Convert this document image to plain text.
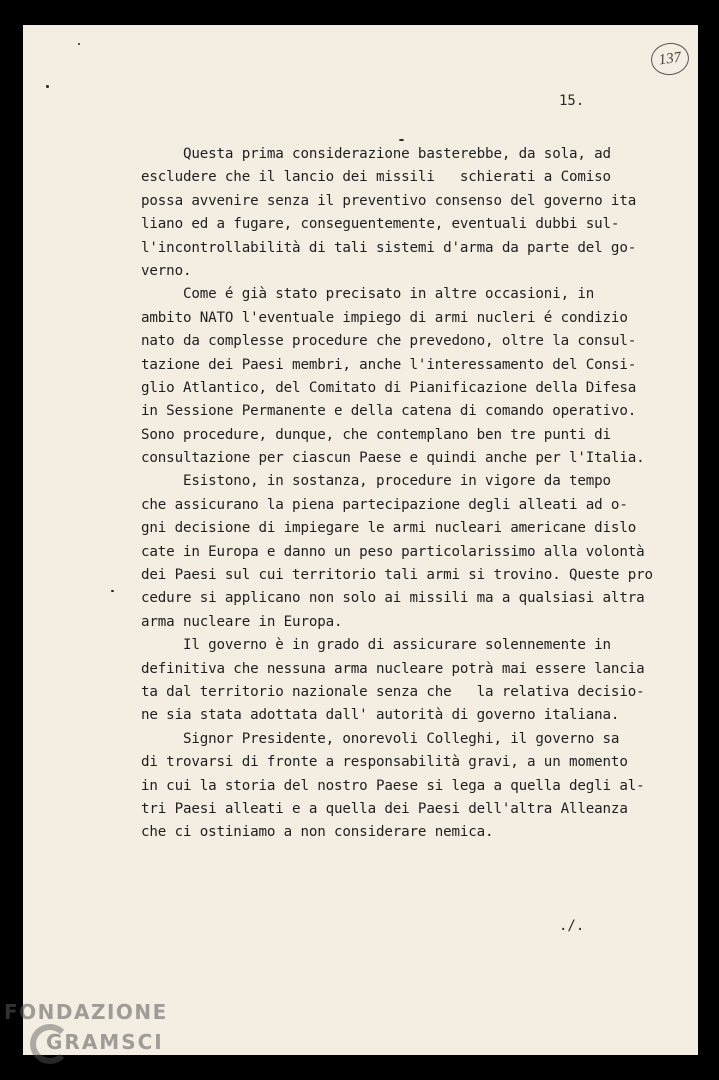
137
15.
Questa prima considerazione basterebbe, da sola, ad
escludere che il lancio dei missili   schierati a Comiso
possa avvenire senza il preventivo consenso del governo ita
liano ed a fugare, conseguentemente, eventuali dubbi sul-
l'incontrollabilità di tali sistemi d'arma da parte del go-
verno.
Come é già stato precisato in altre occasioni, in
ambito NATO l'eventuale impiego di armi nucleri é condizio
nato da complesse procedure che prevedono, oltre la consul-
tazione dei Paesi membri, anche l'interessamento del Consi-
glio Atlantico, del Comitato di Pianificazione della Difesa
in Sessione Permanente e della catena di comando operativo.
Sono procedure, dunque, che contemplano ben tre punti di
consultazione per ciascun Paese e quindi anche per l'Italia.
Esistono, in sostanza, procedure in vigore da tempo
che assicurano la piena partecipazione degli alleati ad o-
gni decisione di impiegare le armi nucleari americane dislo
cate in Europa e danno un peso particolarissimo alla volontà
dei Paesi sul cui territorio tali armi si trovino. Queste pro
cedure si applicano non solo ai missili ma a qualsiasi altra
arma nucleare in Europa.
Il governo è in grado di assicurare solennemente in
definitiva che nessuna arma nucleare potrà mai essere lancia
ta dal territorio nazionale senza che   la relativa decisio-
ne sia stata adottata dall' autorità di governo italiana.
Signor Presidente, onorevoli Colleghi, il governo sa
di trovarsi di fronte a responsabilità gravi, a un momento
in cui la storia del nostro Paese si lega a quella degli al-
tri Paesi alleati e a quella dei Paesi dell'altra Alleanza
che ci ostiniamo a non considerare nemica.
./.
FONDAZIONE
GRAMSCI
